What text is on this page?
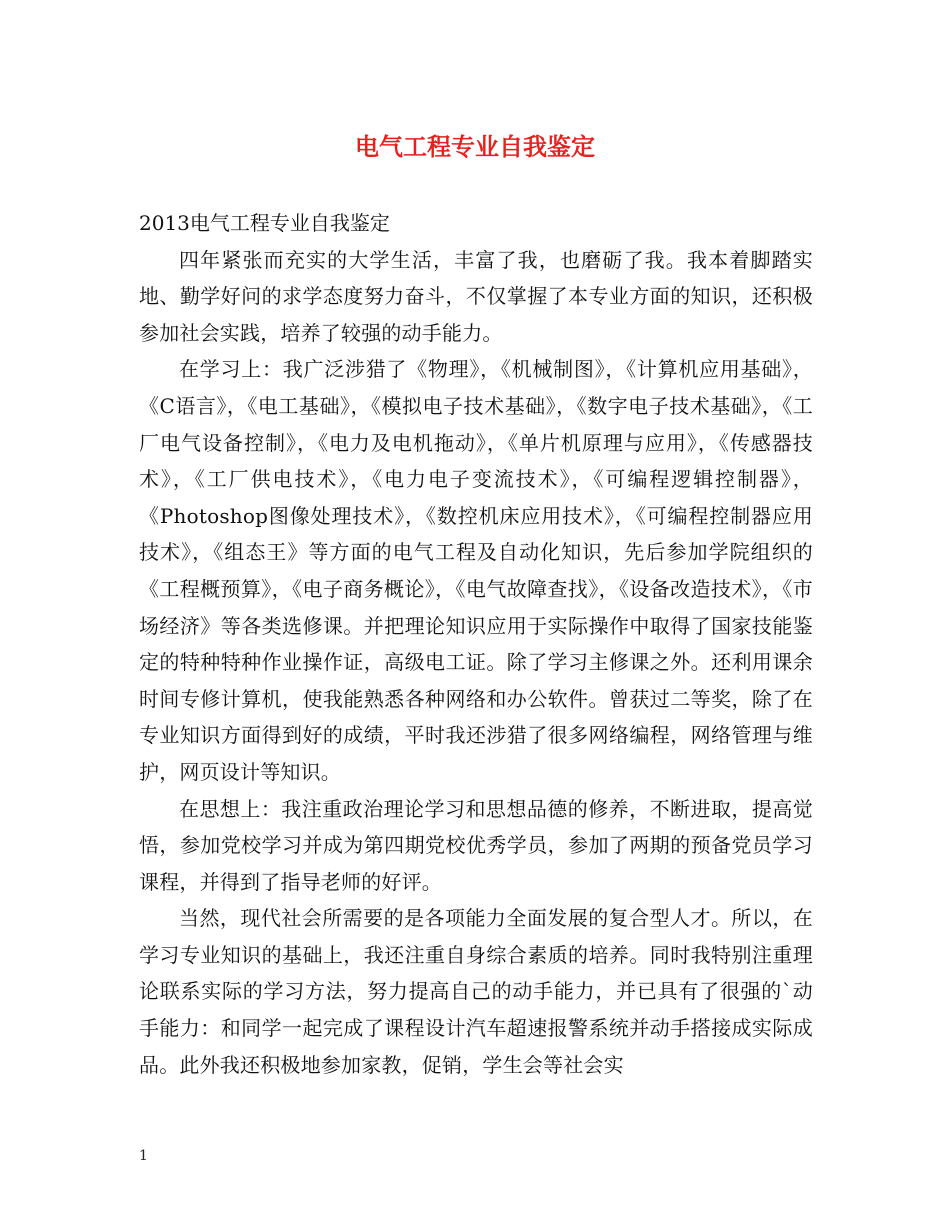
电气工程专业自我鉴定

2013电气工程专业自我鉴定

四年紧张而充实的大学生活，丰富了我，也磨砺了我。我本着脚踏实地、勤学好问的求学态度努力奋斗，不仅掌握了本专业方面的知识，还积极参加社会实践，培养了较强的动手能力。

在学习上：我广泛涉猎了《物理》，《机械制图》，《计算机应用基础》，《C语言》，《电工基础》，《模拟电子技术基础》，《数字电子技术基础》，《工厂电气设备控制》，《电力及电机拖动》，《单片机原理与应用》，《传感器技术》，《工厂供电技术》，《电力电子变流技术》，《可编程逻辑控制器》，《Photoshop图像处理技术》，《数控机床应用技术》，《可编程控制器应用技术》，《组态王》等方面的电气工程及自动化知识，先后参加学院组织的《工程概预算》，《电子商务概论》，《电气故障查找》，《设备改造技术》，《市场经济》等各类选修课。并把理论知识应用于实际操作中取得了国家技能鉴定的特种特种作业操作证，高级电工证。除了学习主修课之外。还利用课余时间专修计算机，使我能熟悉各种网络和办公软件。曾获过二等奖，除了在专业知识方面得到好的成绩，平时我还涉猎了很多网络编程，网络管理与维护，网页设计等知识。

在思想上：我注重政治理论学习和思想品德的修养，不断进取，提高觉悟，参加党校学习并成为第四期党校优秀学员，参加了两期的预备党员学习课程，并得到了指导老师的好评。

当然，现代社会所需要的是各项能力全面发展的复合型人才。所以，在学习专业知识的基础上，我还注重自身综合素质的培养。同时我特别注重理论联系实际的学习方法，努力提高自己的动手能力，并已具有了很强的`动手能力：和同学一起完成了课程设计汽车超速报警系统并动手搭接成实际成品。此外我还积极地参加家教，促销，学生会等社会实

1
